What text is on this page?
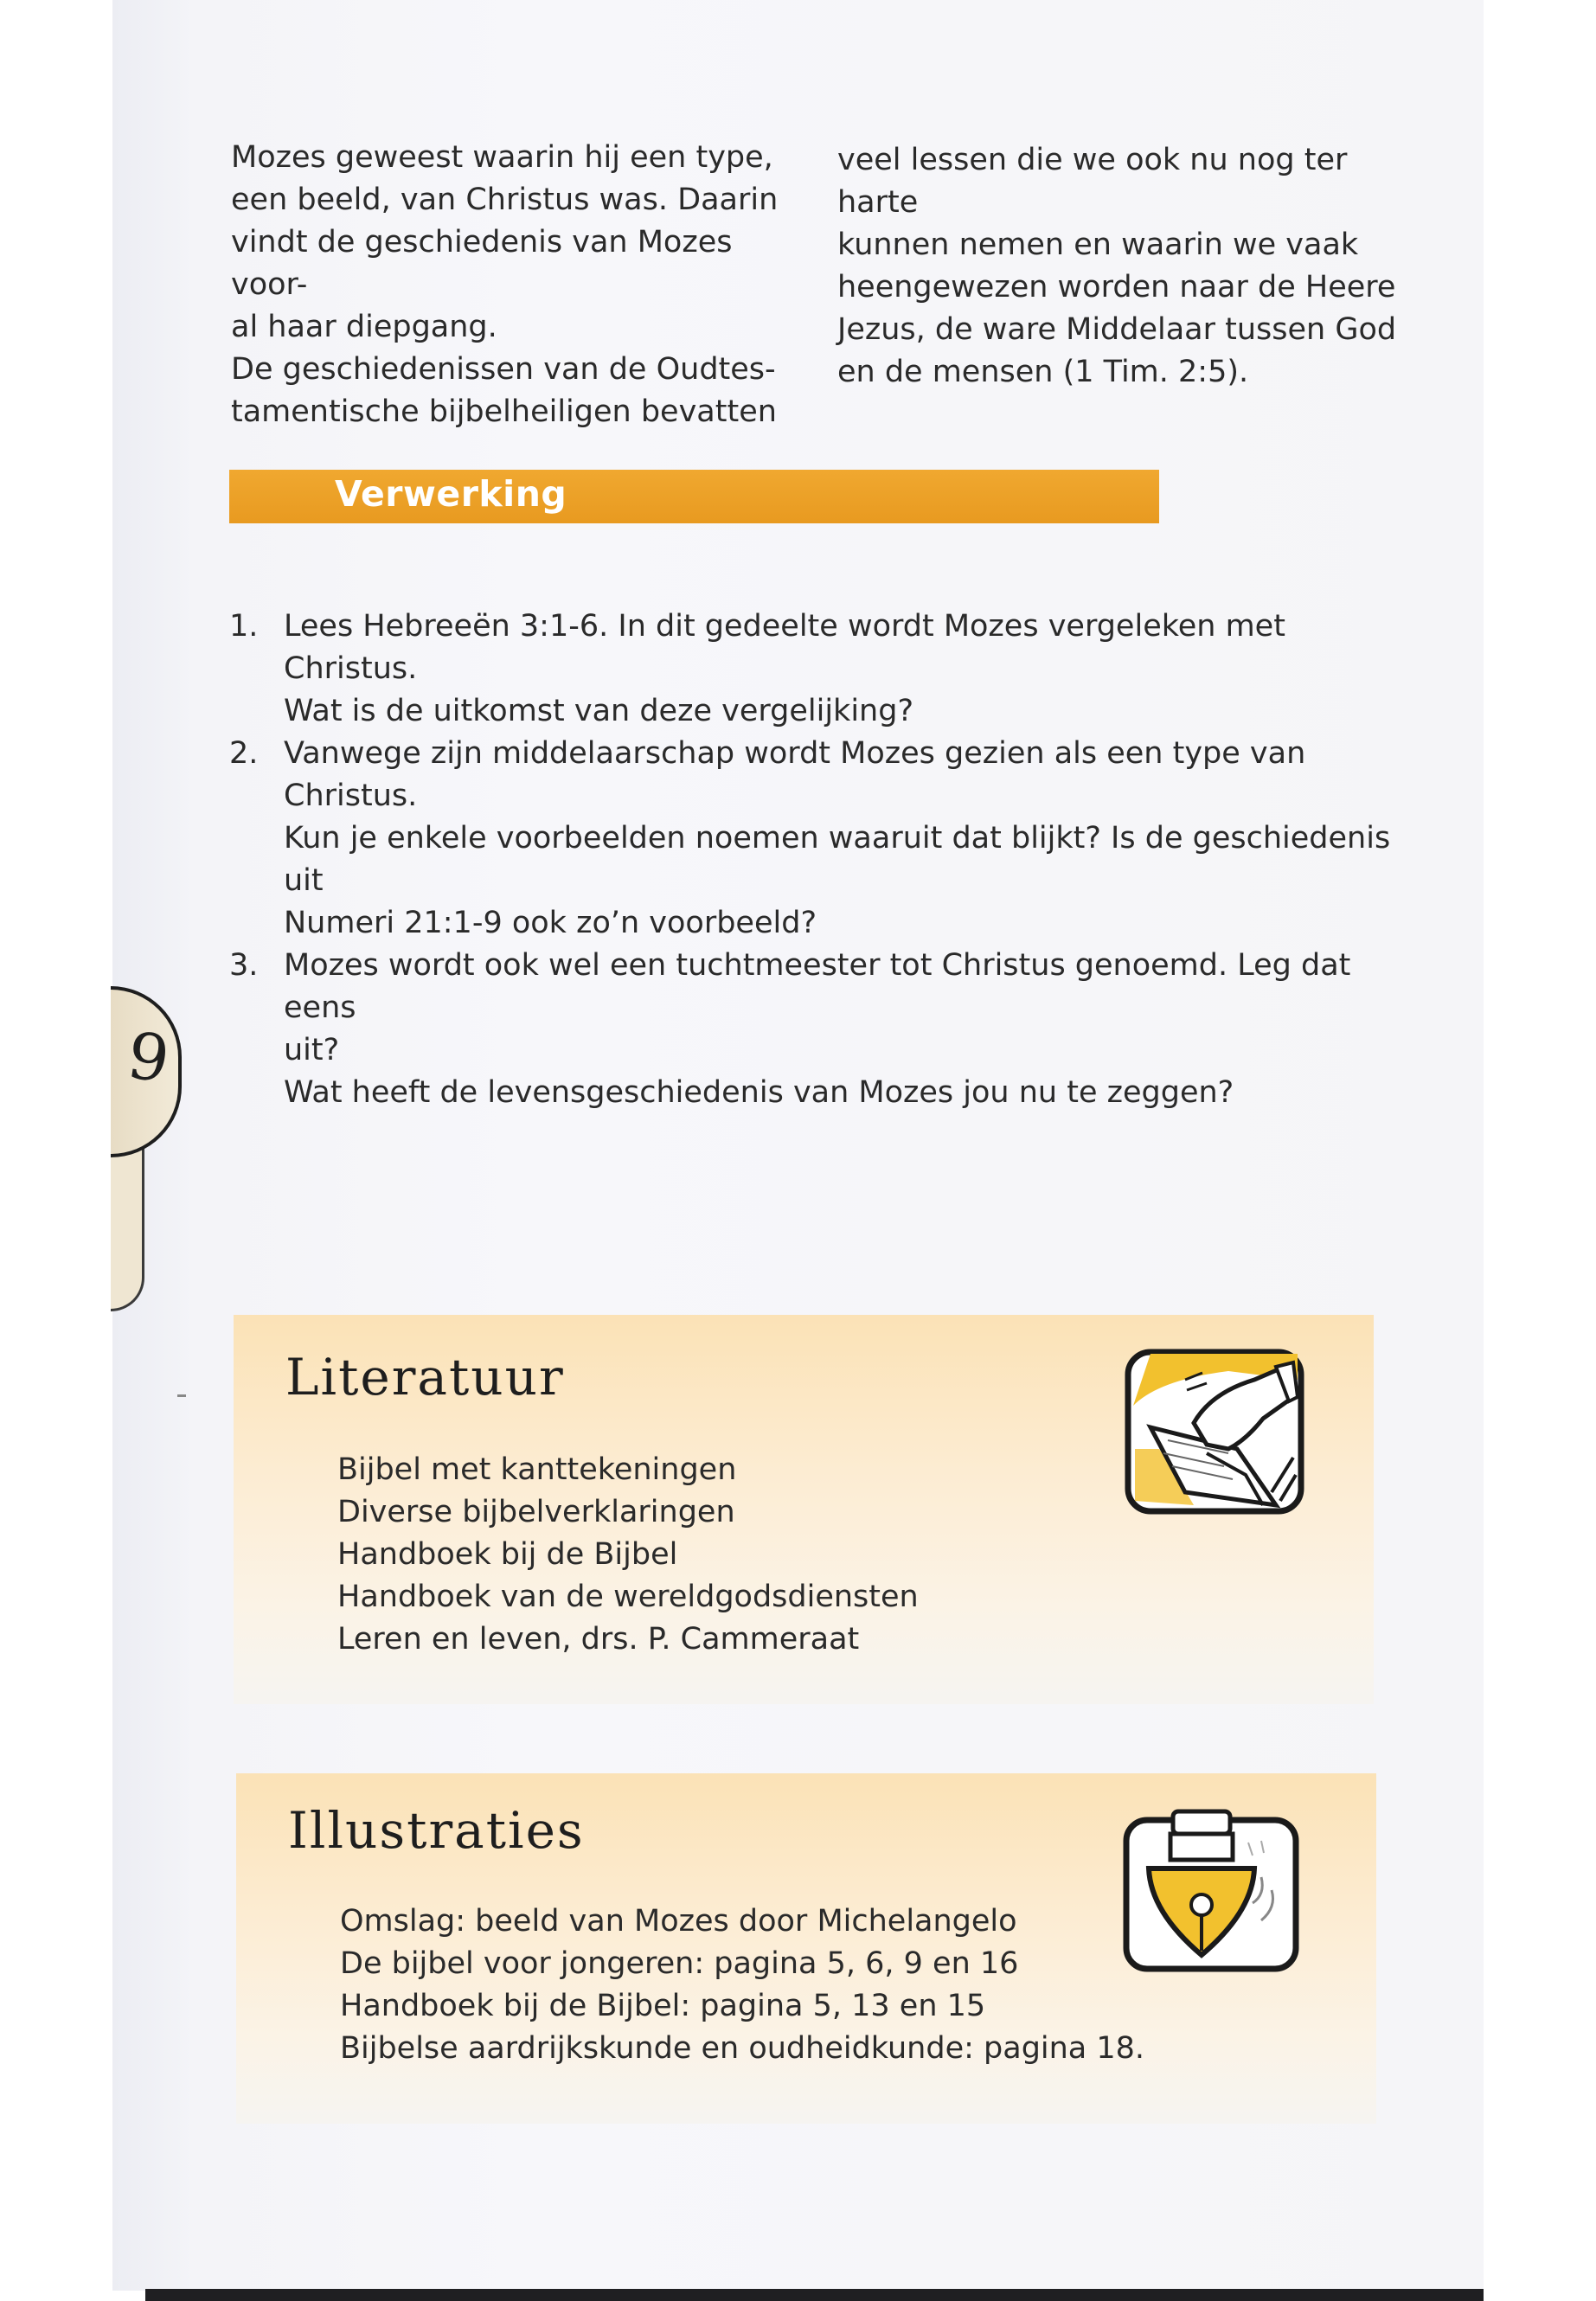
Mozes geweest waarin hij een type,

een beeld, van Christus was. Daarin

vindt de geschiedenis van Mozes voor-

al haar diepgang.

De geschiedenissen van de Oudtes-

tamentische bijbelheiligen bevatten

veel lessen die we ook nu nog ter harte

kunnen nemen en waarin we vaak

heengewezen worden naar de Heere

Jezus, de ware Middelaar tussen God

en de mensen (1 Tim. 2:5).

Verwerking
1. Lees Hebreeën 3:1-6. In dit gedeelte wordt Mozes vergeleken met Christus.
Wat is de uitkomst van deze vergelijking?
2. Vanwege zijn middelaarschap wordt Mozes gezien als een type van Christus.
Kun je enkele voorbeelden noemen waaruit dat blijkt? Is de geschiedenis uit
Numeri 21:1-9 ook zo’n voorbeeld?
3. Mozes wordt ook wel een tuchtmeester tot Christus genoemd. Leg dat eens
uit?
Wat heeft de levensgeschiedenis van Mozes jou nu te zeggen?
9
Literatuur
Bijbel met kanttekeningen
Diverse bijbelverklaringen
Handboek bij de Bijbel
Handboek van de wereldgodsdiensten
Leren en leven, drs. P. Cammeraat
Illustraties
Omslag: beeld van Mozes door Michelangelo
De bijbel voor jongeren: pagina 5, 6, 9 en 16
Handboek bij de Bijbel: pagina 5, 13 en 15
Bijbelse aardrijkskunde en oudheidkunde: pagina 18.
